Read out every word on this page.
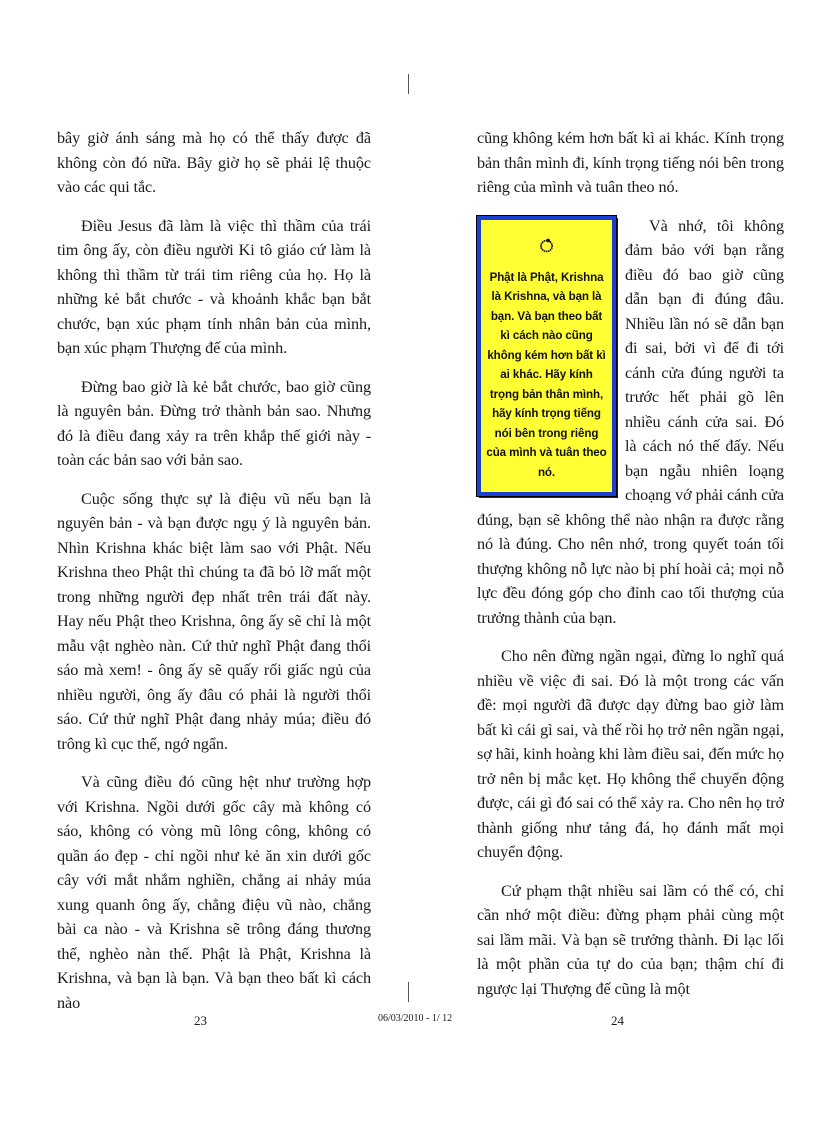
bây giờ ánh sáng mà họ có thể thấy được đã không còn đó nữa. Bây giờ họ sẽ phải lệ thuộc vào các qui tắc.

Điều Jesus đã làm là việc thì thầm của trái tim ông ấy, còn điều người Ki tô giáo cứ làm là không thì thầm từ trái tim riêng của họ. Họ là những kẻ bắt chước - và khoảnh khắc bạn bắt chước, bạn xúc phạm tính nhân bản của mình, bạn xúc phạm Thượng đế của mình.

Đừng bao giờ là kẻ bắt chước, bao giờ cũng là nguyên bản. Đừng trở thành bản sao. Nhưng đó là điều đang xảy ra trên khắp thế giới này - toàn các bản sao với bản sao.

Cuộc sống thực sự là điệu vũ nếu bạn là nguyên bản - và bạn được ngụ ý là nguyên bản. Nhìn Krishna khác biệt làm sao với Phật. Nếu Krishna theo Phật thì chúng ta đã bỏ lỡ mất một trong những người đẹp nhất trên trái đất này. Hay nếu Phật theo Krishna, ông ấy sẽ chỉ là một mẫu vật nghèo nàn. Cứ thử nghĩ Phật đang thổi sáo mà xem! - ông ấy sẽ quấy rối giấc ngủ của nhiều người, ông ấy đâu có phải là người thổi sáo. Cứ thử nghĩ Phật đang nhảy múa; điều đó trông kì cục thế, ngớ ngẩn.

Và cũng điều đó cũng hệt như trường hợp với Krishna. Ngồi dưới gốc cây mà không có sáo, không có vòng mũ lông công, không có quần áo đẹp - chỉ ngồi như kẻ ăn xin dưới gốc cây với mắt nhắm nghiền, chẳng ai nhảy múa xung quanh ông ấy, chẳng điệu vũ nào, chẳng bài ca nào - và Krishna sẽ trông đáng thương thế, nghèo nàn thế. Phật là Phật, Krishna là Krishna, và bạn là bạn. Và bạn theo bất kì cách nào

cũng không kém hơn bất kì ai khác. Kính trọng bản thân mình đi, kính trọng tiếng nói bên trong riêng của mình và tuân theo nó.

ഀ
Phật là Phật, Krishna là Krishna, và bạn là bạn. Và bạn theo bất kì cách nào cũng không kém hơn bất kì ai khác. Hãy kính trọng bản thân mình, hãy kính trọng tiếng nói bên trong riêng của mình và tuân theo nó.

Và nhớ, tôi không đảm bảo với bạn rằng điều đó bao giờ cũng dẫn bạn đi đúng đâu. Nhiều lần nó sẽ dẫn bạn đi sai, bởi vì để đi tới cánh cửa đúng người ta trước hết phải gõ lên nhiều cánh cửa sai. Đó là cách nó thế đấy. Nếu bạn ngẫu nhiên loạng choạng vớ phải cánh cửa đúng, bạn sẽ không thể nào nhận ra được rằng nó là đúng. Cho nên nhớ, trong quyết toán tối thượng không nỗ lực nào bị phí hoài cả; mọi nỗ lực đều đóng góp cho đỉnh cao tối thượng của trưởng thành của bạn.

Cho nên đừng ngần ngại, đừng lo nghĩ quá nhiều về việc đi sai. Đó là một trong các vấn đề: mọi người đã được dạy đừng bao giờ làm bất kì cái gì sai, và thế rồi họ trở nên ngần ngại, sợ hãi, kinh hoàng khi làm điều sai, đến mức họ trở nên bị mắc kẹt. Họ không thể chuyển động được, cái gì đó sai có thể xảy ra. Cho nên họ trở thành giống như tảng đá, họ đánh mất mọi chuyển động.

Cứ phạm thật nhiều sai lầm có thể có, chỉ cần nhớ một điều: đừng phạm phải cùng một sai lầm mãi. Và bạn sẽ trưởng thành. Đi lạc lối là một phần của tự do của bạn; thậm chí đi ngược lại Thượng đế cũng là một

23	06/03/2010 - 1/ 12	24
